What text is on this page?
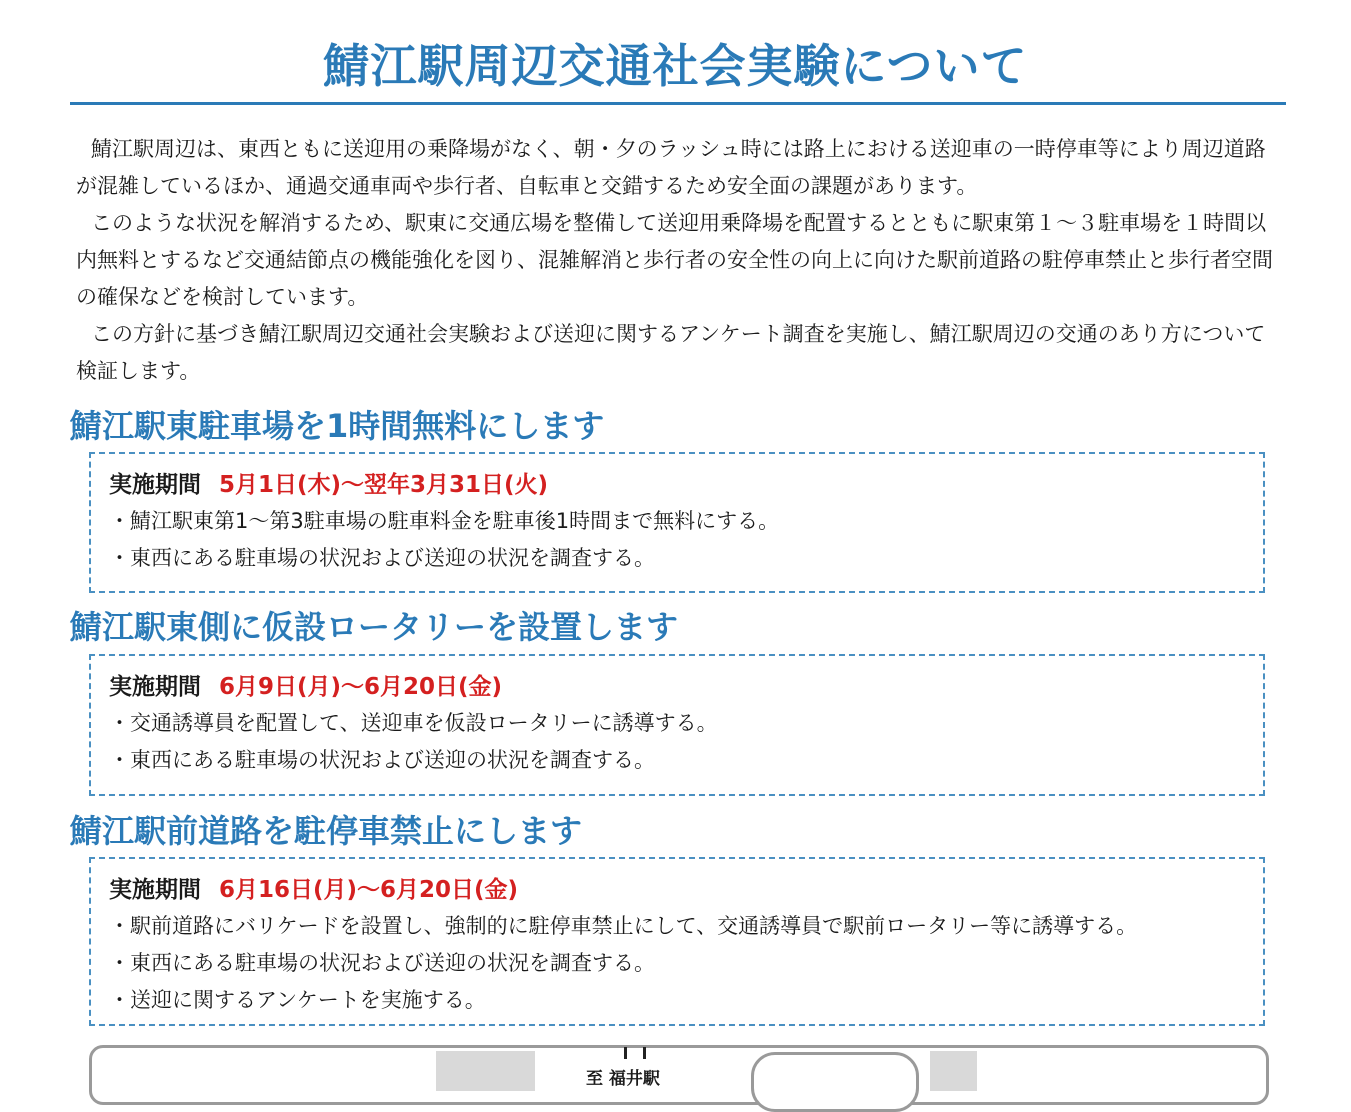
鯖江駅周辺交通社会実験について

鯖江駅周辺は、東西ともに送迎用の乗降場がなく、朝・夕のラッシュ時には路上における送迎車の一時停車等により周辺道路が混雑しているほか、通過交通車両や歩行者、自転車と交錯するため安全面の課題があります。

このような状況を解消するため、駅東に交通広場を整備して送迎用乗降場を配置するとともに駅東第１～３駐車場を１時間以内無料とするなど交通結節点の機能強化を図り、混雑解消と歩行者の安全性の向上に向けた駅前道路の駐停車禁止と歩行者空間の確保などを検討しています。

この方針に基づき鯖江駅周辺交通社会実験および送迎に関するアンケート調査を実施し、鯖江駅周辺の交通のあり方について検証します。

鯖江駅東駐車場を1時間無料にします
実施期間 5月1日(木)～翌年3月31日(火)
・ 鯖江駅東第1～第3駐車場の駐車料金を駐車後1時間まで無料にする。
・ 東西にある駐車場の状況および送迎の状況を調査する。
鯖江駅東側に仮設ロータリーを設置します
実施期間 6月9日(月)～6月20日(金)
・ 交通誘導員を配置して、送迎車を仮設ロータリーに誘導する。
・ 東西にある駐車場の状況および送迎の状況を調査する。
鯖江駅前道路を駐停車禁止にします
実施期間 6月16日(月)～6月20日(金)
・ 駅前道路にバリケードを設置し、強制的に駐停車禁止にして、交通誘導員で駅前ロータリー等に誘導する。
・ 東西にある駐車場の状況および送迎の状況を調査する。
・ 送迎に関するアンケートを実施する。
至 福井駅
